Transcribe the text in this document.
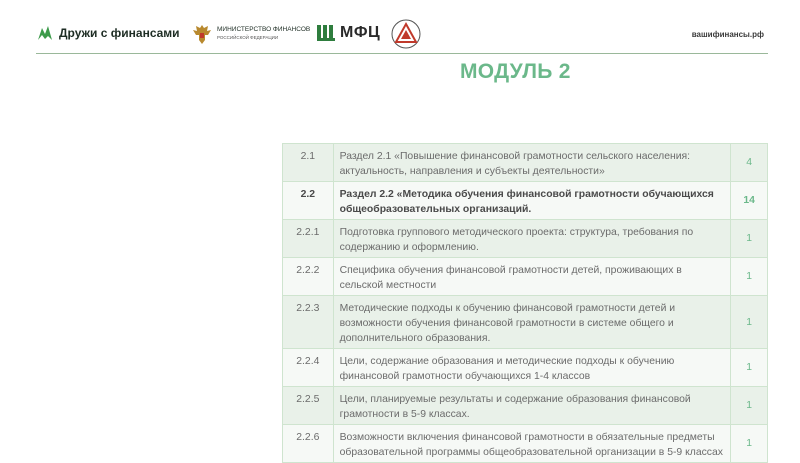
Дружи с финансами	МИНИСТЕРСТВО ФИНАНСОВ
РОССИЙСКОЙ ФЕДЕРАЦИИ	МФЦ	вашифинансы.рф
МОДУЛЬ 2
2.1	Раздел 2.1 «Повышение финансовой грамотности сельского населения: актуальность, направления и субъекты деятельности»	4
2.2	Раздел 2.2 «Методика обучения финансовой грамотности обучающихся общеобразовательных организаций.	14
2.2.1	Подготовка группового методического проекта: структура, требования по содержанию и оформлению.	1
2.2.2	Специфика обучения финансовой грамотности детей, проживающих в сельской местности	1
2.2.3	Методические подходы к обучению финансовой грамотности детей и возможности обучения финансовой грамотности в системе общего и дополнительного образования.	1
2.2.4	Цели, содержание образования и методические подходы к обучению финансовой грамотности обучающихся 1-4 классов	1
2.2.5	Цели, планируемые результаты и содержание образования финансовой грамотности в 5-9 классах.	1
2.2.6	Возможности включения финансовой грамотности в обязательные предметы образовательной программы общеобразовательной организации в 5-9 классах	1
